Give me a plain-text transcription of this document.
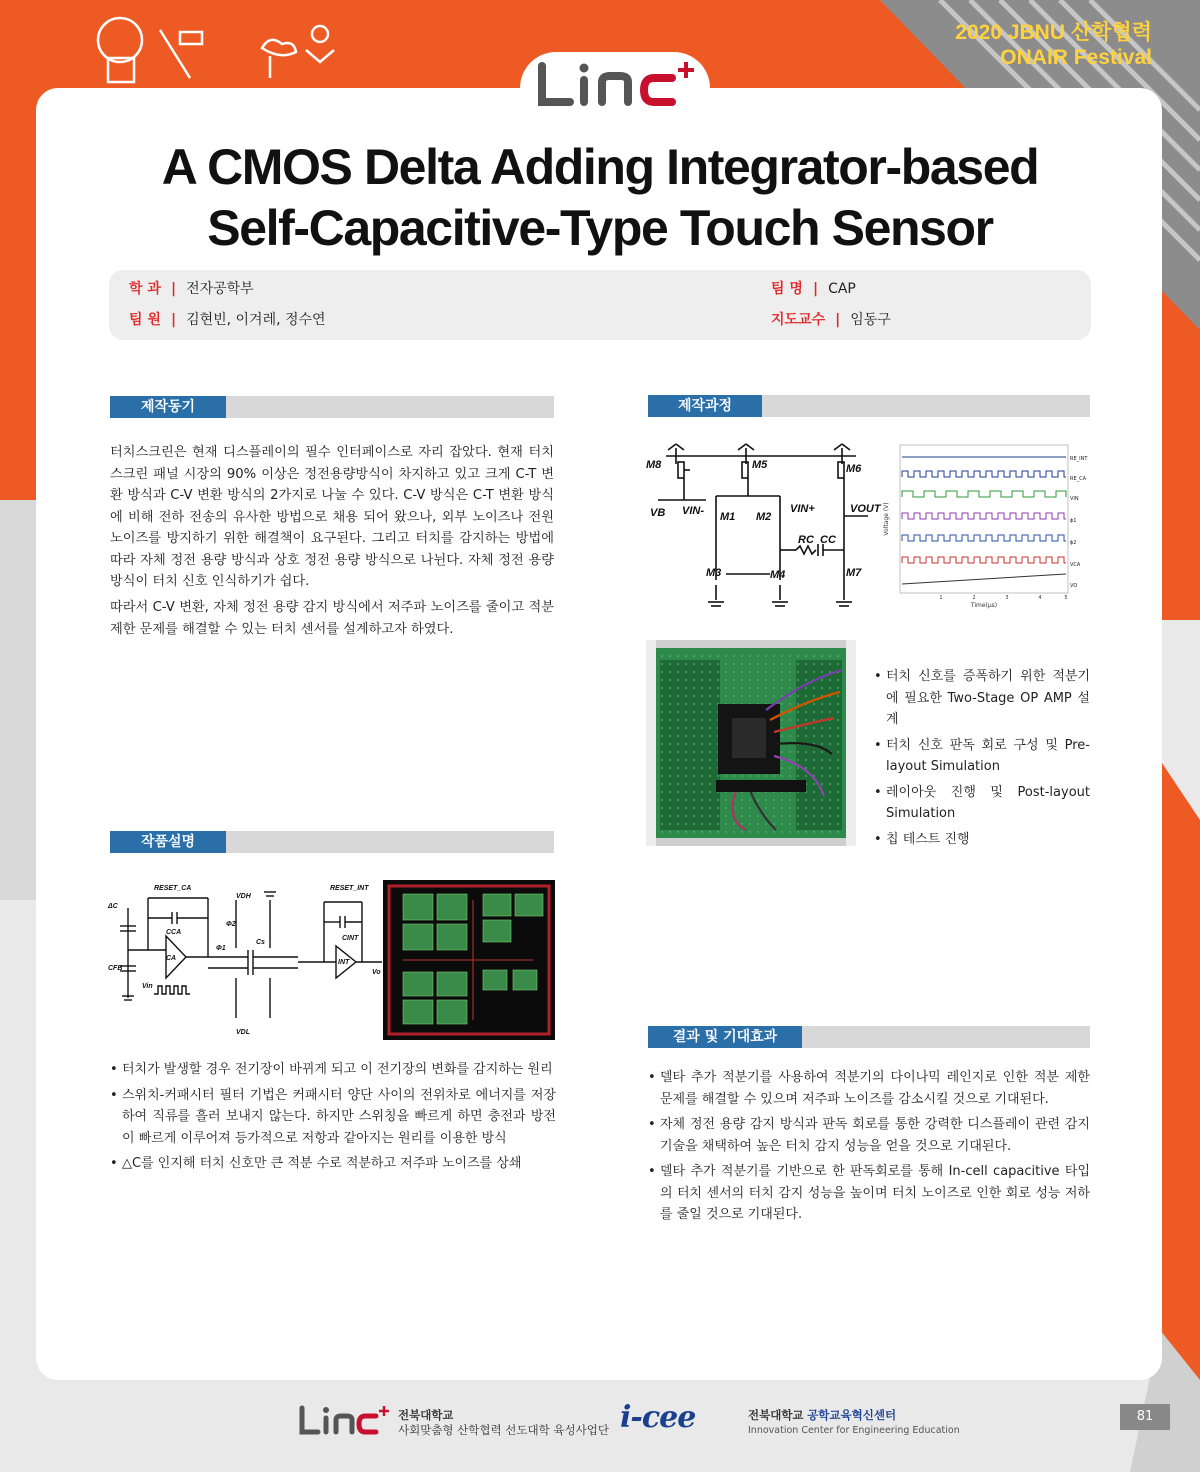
2020 JBNU 산학협력
ONAIR Festival
A CMOS Delta Adding Integrator-based
Self-Capacitive-Type Touch Sensor
학 과 | 전자공학부
팀 원 | 김현빈, 이겨레, 정수연
팀 명 | CAP
지도교수 | 임동구
제작동기

터치스크린은 현재 디스플레이의 필수 인터페이스로 자리 잡았다. 현재 터치스크린 패널 시장의 90% 이상은 정전용량방식이 차지하고 있고 크게 C-T 변환 방식과 C-V 변환 방식의 2가지로 나눌 수 있다. C-V 방식은 C-T 변환 방식에 비해 전하 전송의 유사한 방법으로 채용 되어 왔으나, 외부 노이즈나 전원 노이즈를 방지하기 위한 해결책이 요구된다. 그리고 터치를 감지하는 방법에 따라 자체 정전 용량 방식과 상호 정전 용량 방식으로 나뉜다. 자체 정전 용량 방식이 터치 신호 인식하기가 쉽다.

따라서 C-V 변환, 자체 정전 용량 감지 방식에서 저주파 노이즈를 줄이고 적분 제한 문제를 해결할 수 있는 터치 센서를 설계하고자 하였다.

제작과정
M8	M5	M6
VB VIN- M1 M2
VIN+	VOUT
RC CC
M3	M4	M7
Voltage (V)
Time(μs)
RE_INT
RE_CA
VIN
ϕ1
ϕ2
VCA
VO
1	2	3	4	5
• 터치 신호를 증폭하기 위한 적분기에 필요한 Two-Stage OP AMP 설계
• 터치 신호 판독 회로 구성 및 Pre-layout Simulation
• 레이아웃 진행 및 Post-layout Simulation
• 칩 테스트 진행
작품설명
RESET_CA
ΔC
CFB
CCA
CA
Vin
VDH
VDL
Φ1
Φ2
Cs
RESET_INT
CINT
INT
Vo
• 터치가 발생할 경우 전기장이 바뀌게 되고 이 전기장의 변화를 감지하는 원리
• 스위치-커패시터 필터 기법은 커패시터 양단 사이의 전위차로 에너지를 저장하여 직류를 흘러 보내지 않는다. 하지만 스위칭을 빠르게 하면 충전과 방전이 빠르게 이루어져 등가적으로 저항과 같아지는 원리를 이용한 방식
• △C를 인지해 터치 신호만 큰 적분 수로 적분하고 저주파 노이즈를 상쇄
결과 및 기대효과
• 델타 추가 적분기를 사용하여 적분기의 다이나믹 레인지로 인한 적분 제한 문제를 해결할 수 있으며 저주파 노이즈를 감소시킬 것으로 기대된다.
• 자체 정전 용량 감지 방식과 판독 회로를 통한 강력한 디스플레이 관련 감지 기술을 채택하여 높은 터치 감지 성능을 얻을 것으로 기대된다.
• 델타 추가 적분기를 기반으로 한 판독회로를 통해 In-cell capacitive 타입의 터치 센서의 터치 감지 성능을 높이며 터치 노이즈로 인한 회로 성능 저하를 줄일 것으로 기대된다.
전북대학교
사회맞춤형 산학협력 선도대학 육성사업단 i-cee	전북대학교 공학교육혁신센터
Innovation Center for Engineering Education
81
